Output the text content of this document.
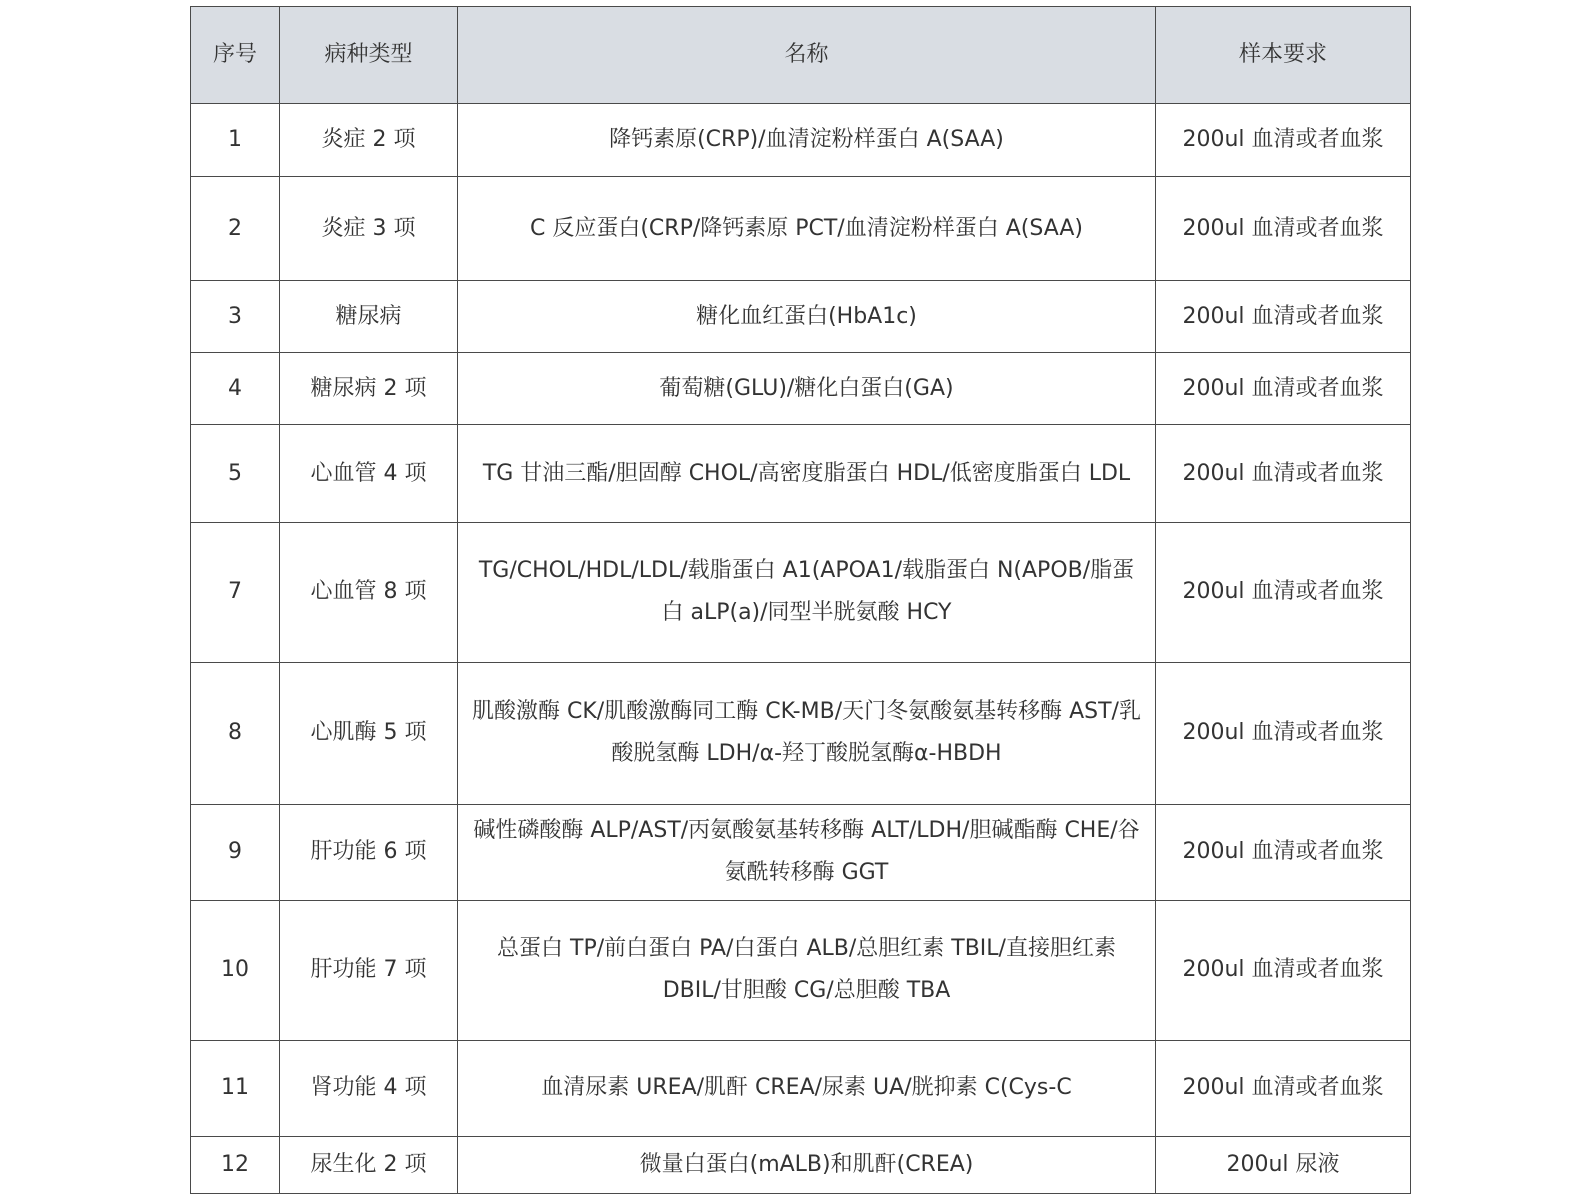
序号	病种类型	名称	样本要求
1	炎症 2 项	降钙素原(CRP)/血清淀粉样蛋白 A(SAA)	200ul 血清或者血浆
2	炎症 3 项	C 反应蛋白(CRP/降钙素原 PCT/血清淀粉样蛋白 A(SAA)	200ul 血清或者血浆
3	糖尿病	糖化血红蛋白(HbA1c)	200ul 血清或者血浆
4	糖尿病 2 项	葡萄糖(GLU)/糖化白蛋白(GA)	200ul 血清或者血浆
5	心血管 4 项	TG 甘油三酯/胆固醇 CHOL/高密度脂蛋白 HDL/低密度脂蛋白 LDL	200ul 血清或者血浆
7	心血管 8 项	TG/CHOL/HDL/LDL/载脂蛋白 A1(APOA1/载脂蛋白 N(APOB/脂蛋白 aLP(a)/同型半胱氨酸 HCY	200ul 血清或者血浆
8	心肌酶 5 项	肌酸激酶 CK/肌酸激酶同工酶 CK-MB/天门冬氨酸氨基转移酶 AST/乳酸脱氢酶 LDH/α-羟丁酸脱氢酶α-HBDH	200ul 血清或者血浆
9	肝功能 6 项	碱性磷酸酶 ALP/AST/丙氨酸氨基转移酶 ALT/LDH/胆碱酯酶 CHE/谷氨酰转移酶 GGT	200ul 血清或者血浆
10	肝功能 7 项	总蛋白 TP/前白蛋白 PA/白蛋白 ALB/总胆红素 TBIL/直接胆红素 DBIL/甘胆酸 CG/总胆酸 TBA	200ul 血清或者血浆
11	肾功能 4 项	血清尿素 UREA/肌酐 CREA/尿素 UA/胱抑素 C(Cys-C	200ul 血清或者血浆
12	尿生化 2 项	微量白蛋白(mALB)和肌酐(CREA)	200ul 尿液
